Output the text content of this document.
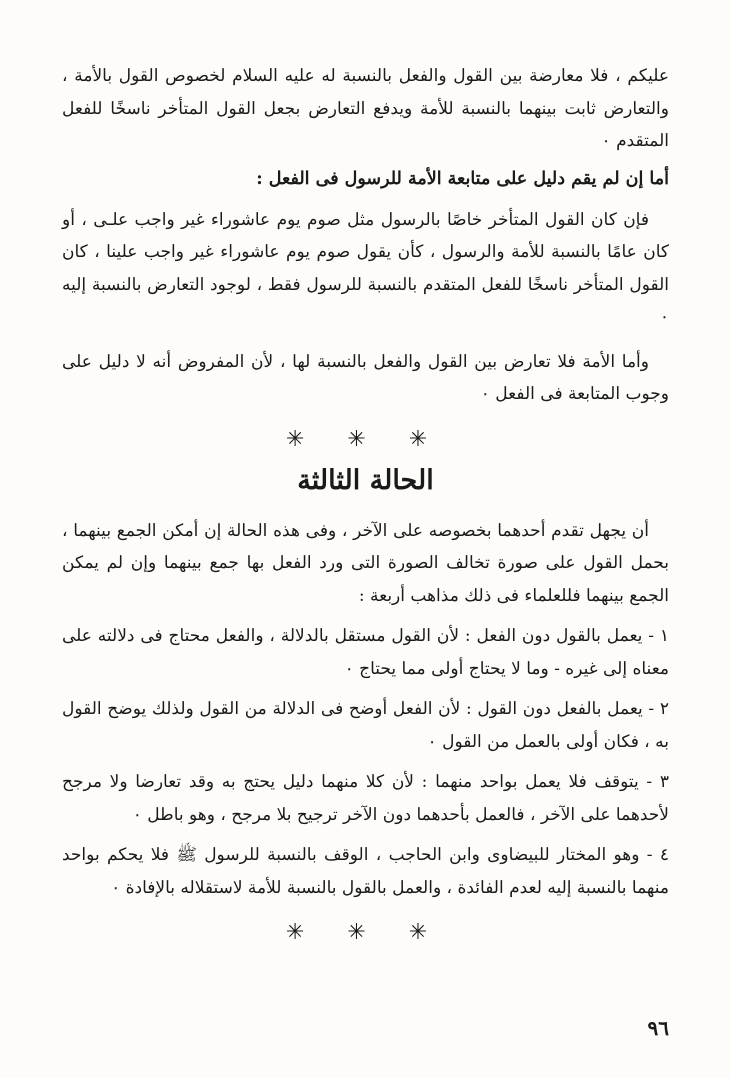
عليكم ، فلا معارضة بين القول والفعل بالنسبة له عليه السلام لخصوص القول بالأمة ، والتعارض ثابت بينهما بالنسبة للأمة ويدفع التعارض بجعل القول المتأخر ناسخًا للفعل المتقدم ٠

أما إن لم يقم دليل على متابعة الأمة للرسول فى الفعل :

فإن كان القول المتأخر خاصًا بالرسول مثل صوم يوم عاشوراء غير واجب علـى ، أو كان عامًا بالنسبة للأمة والرسول ، كأن يقول صوم يوم عاشوراء غير واجب علينا ، كان القول المتأخر ناسخًا للفعل المتقدم بالنسبة للرسول فقط ، لوجود التعارض بالنسبة إليه ٠

وأما الأمة فلا تعارض بين القول والفعل بالنسبة لها ، لأن المفروض أنه لا دليل على وجوب المتابعة فى الفعل ٠

✳ ✳ ✳
الحالة الثالثة

أن يجهل تقدم أحدهما بخصوصه على الآخر ، وفى هذه الحالة إن أمكن الجمع بينهما ، بحمل القول على صورة تخالف الصورة التى ورد الفعل بها جمع بينهما وإن لم يمكن الجمع بينهما فللعلماء فى ذلك مذاهب أربعة :

١ - يعمل بالقول دون الفعل : لأن القول مستقل بالدلالة ، والفعل محتاج فى دلالته على معناه إلى غيره - وما لا يحتاج أولى مما يحتاج ٠

٢ - يعمل بالفعل دون القول : لأن الفعل أوضح فى الدلالة من القول ولذلك يوضح القول به ، فكان أولى بالعمل من القول ٠

٣ - يتوقف فلا يعمل بواحد منهما : لأن كلا منهما دليل يحتج به وقد تعارضا ولا مرجح لأحدهما على الآخر ، فالعمل بأحدهما دون الآخر ترجيح بلا مرجح ، وهو باطل ٠

٤ - وهو المختار للبيضاوى وابن الحاجب ، الوقف بالنسبة للرسول ﷺ فلا يحكم بواحد منهما بالنسبة إليه لعدم الفائدة ، والعمل بالقول بالنسبة للأمة لاستقلاله بالإفادة ٠

✳ ✳ ✳
٩٦
